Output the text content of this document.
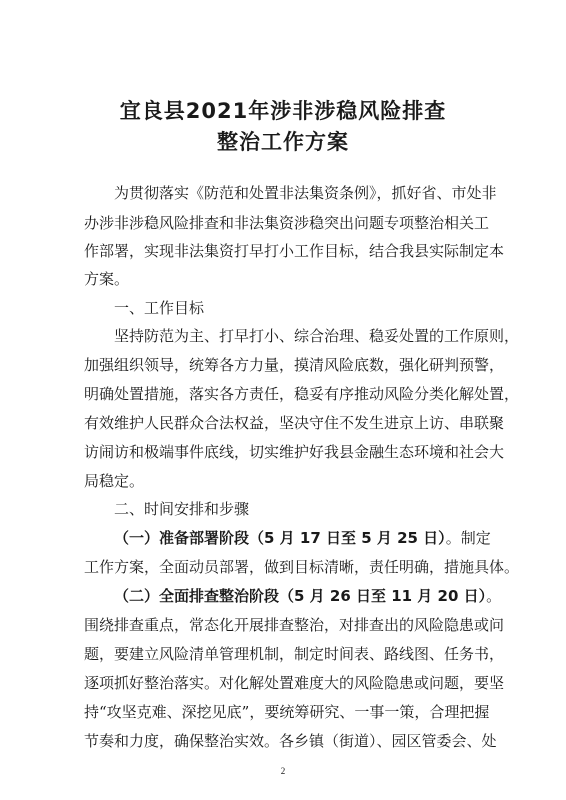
宜良县2021年涉非涉稳风险排查
整治工作方案

为贯彻落实《防范和处置非法集资条例》，抓好省、市处非

办涉非涉稳风险排查和非法集资涉稳突出问题专项整治相关工

作部署，实现非法集资打早打小工作目标，结合我县实际制定本

方案。

一、工作目标

坚持防范为主、打早打小、综合治理、稳妥处置的工作原则，

加强组织领导，统筹各方力量，摸清风险底数，强化研判预警，

明确处置措施，落实各方责任，稳妥有序推动风险分类化解处置，

有效维护人民群众合法权益，坚决守住不发生进京上访、串联聚

访闹访和极端事件底线，切实维护好我县金融生态环境和社会大

局稳定。

二、时间安排和步骤

（一）准备部署阶段（5 月 17 日至 5 月 25 日）。制定

工作方案，全面动员部署，做到目标清晰，责任明确，措施具体。

（二）全面排查整治阶段（5 月 26 日至 11 月 20 日）。

围绕排查重点，常态化开展排查整治，对排查出的风险隐患或问

题，要建立风险清单管理机制，制定时间表、路线图、任务书，

逐项抓好整治落实。对化解处置难度大的风险隐患或问题，要坚

持“攻坚克难、深挖见底”，要统筹研究、一事一策，合理把握

节奏和力度，确保整治实效。各乡镇（街道）、园区管委会、处

2
